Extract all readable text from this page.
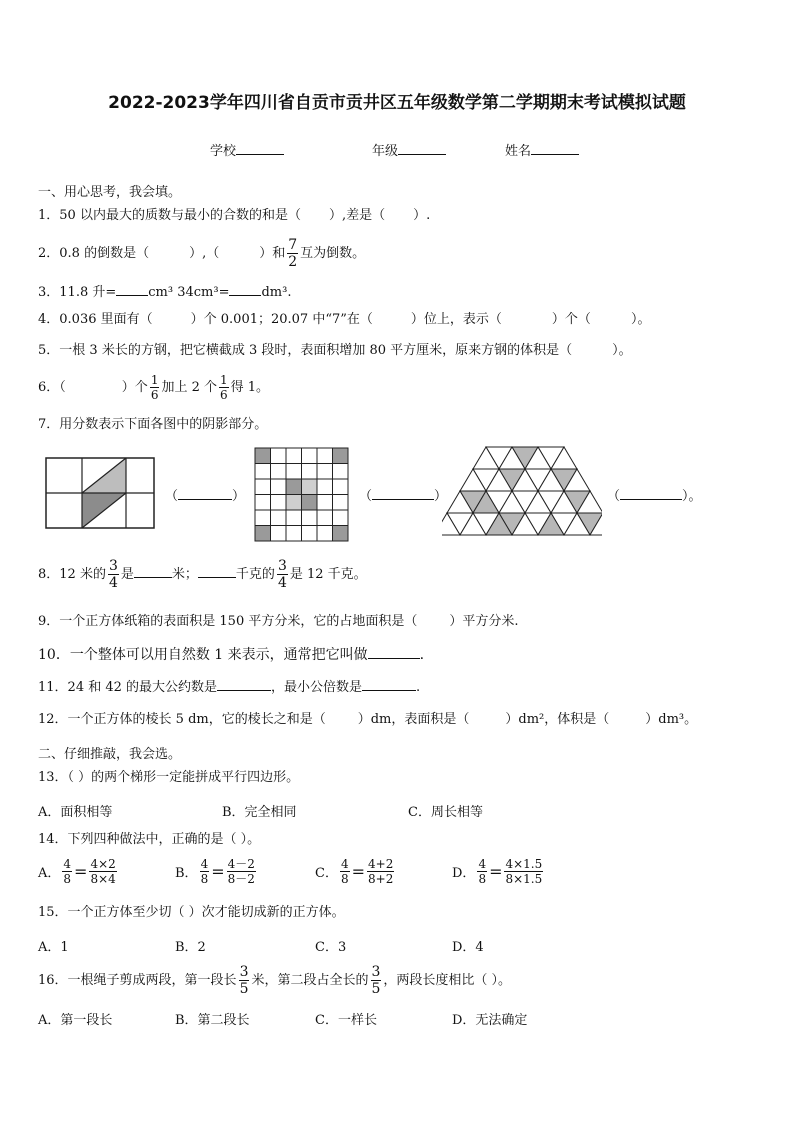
2022-2023学年四川省自贡市贡井区五年级数学第二学期期末考试模拟试题
学校	年级	姓名
一、用心思考，我会填。
1．50 以内最大的质数与最小的合数的和是（ ）,差是（ ）.
2．0.8 的倒数是（	）,（	）和 $\frac{7}{2}$ 互为倒数。
3．11.8 升= cm³ 34cm³= dm³.
4．0.036 里面有（	）个 0.001；20.07 中“7”在（	）位上，表示（	）个（	）。
5．一根 3 米长的方钢，把它横截成 3 段时，表面积增加 80 平方厘米，原来方钢的体积是（	）。
6．（	）个 $\frac{1}{6}$ 加上 2 个 $\frac{1}{6}$ 得 1。
7．用分数表示下面各图中的阴影部分。
（	）	（	）	（	）。
8．12 米的 $\frac{3}{4}$ 是	米；	千克的 $\frac{3}{4}$ 是 12 千克。
9．一个正方体纸箱的表面积是 150 平方分米，它的占地面积是（ ）平方分米.
10．一个整体可以用自然数 1 来表示，通常把它叫做	.
11．24 和 42 的最大公约数是	，最小公倍数是	.
12．一个正方体的棱长 5 dm，它的棱长之和是（ ）dm，表面积是（	）dm²，体积是（	）dm³。
二、仔细推敲，我会选。
13．（ ）的两个梯形一定能拼成平行四边形。
A．面积相等	B．完全相同	C．周长相等
14．下列四种做法中，正确的是（ ）。
A． $\frac{4}{8} = \frac{4\times 2}{8\times 4}$	B． $\frac{4}{8} = \frac{4-2}{8-2}$	C． $\frac{4}{8} = \frac{4+2}{8+2}$	D． $\frac{4}{8} = \frac{4\times 1.5}{8\times 1.5}$
15．一个正方体至少切（ ）次才能切成新的正方体。
A．1	B．2	C．3	D．4
16．一根绳子剪成两段，第一段长 $\frac{3}{5}$ 米，第二段占全长的 $\frac{3}{5}$ ，两段长度相比（ ）。
A．第一段长	B．第二段长	C．一样长	D．无法确定
